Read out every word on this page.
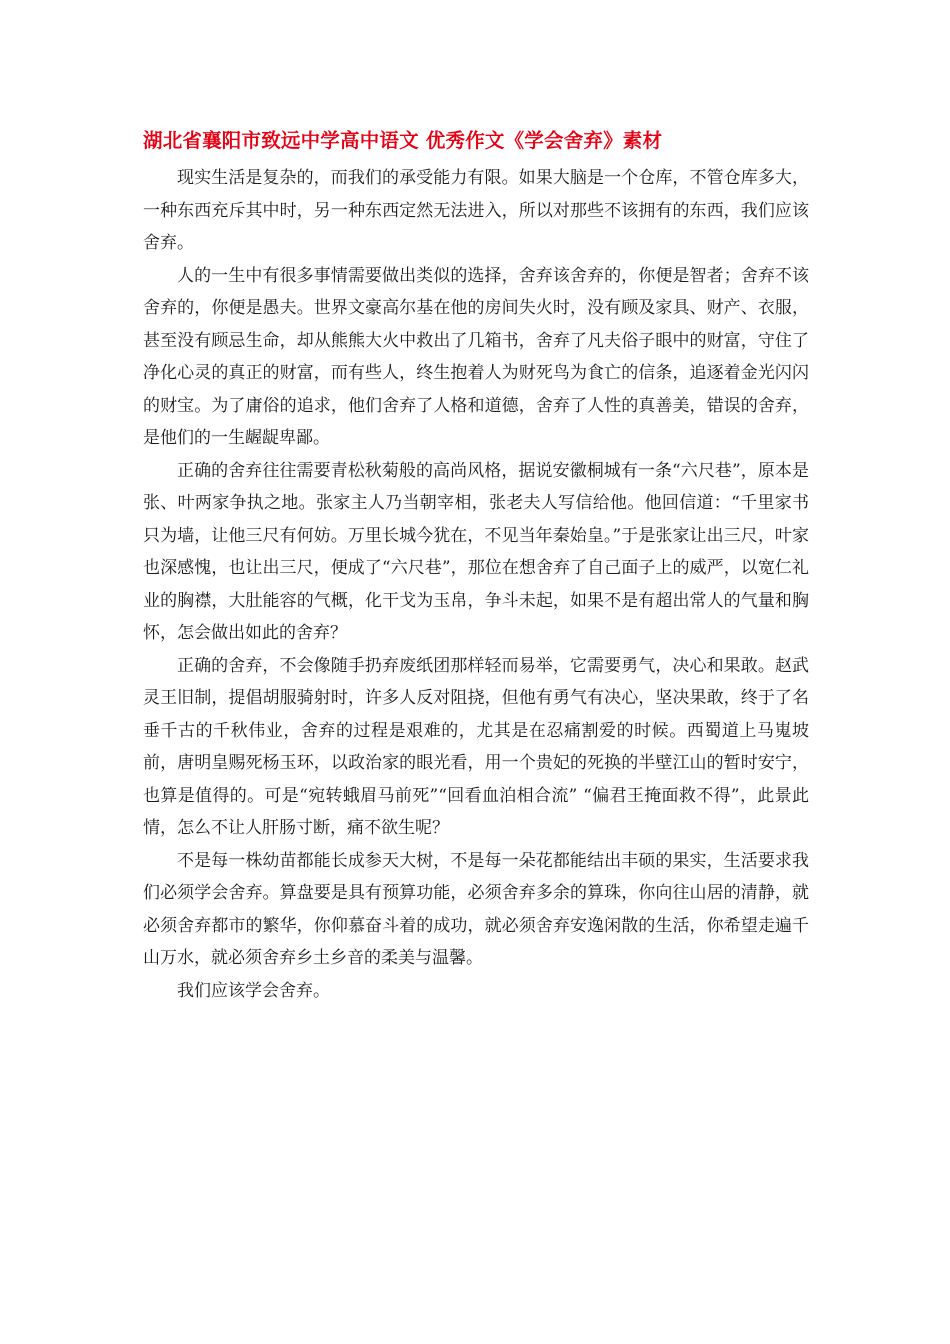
湖北省襄阳市致远中学高中语文 优秀作文《学会舍弃》素材

现实生活是复杂的，而我们的承受能力有限。如果大脑是一个仓库，不管仓库多大，一种东西充斥其中时，另一种东西定然无法进入，所以对那些不该拥有的东西，我们应该舍弃。

人的一生中有很多事情需要做出类似的选择，舍弃该舍弃的，你便是智者；舍弃不该舍弃的，你便是愚夫。世界文豪高尔基在他的房间失火时，没有顾及家具、财产、衣服，甚至没有顾忌生命，却从熊熊大火中救出了几箱书，舍弃了凡夫俗子眼中的财富，守住了净化心灵的真正的财富，而有些人，终生抱着人为财死鸟为食亡的信条，追逐着金光闪闪的财宝。为了庸俗的追求，他们舍弃了人格和道德，舍弃了人性的真善美，错误的舍弃，是他们的一生龌龊卑鄙。

正确的舍弃往往需要青松秋菊般的高尚风格，据说安徽桐城有一条“六尺巷”，原本是张、叶两家争执之地。张家主人乃当朝宰相，张老夫人写信给他。他回信道：“千里家书只为墙，让他三尺有何妨。万里长城今犹在，不见当年秦始皇。”于是张家让出三尺，叶家也深感愧，也让出三尺，便成了“六尺巷”，那位在想舍弃了自己面子上的威严，以宽仁礼业的胸襟，大肚能容的气概，化干戈为玉帛，争斗未起，如果不是有超出常人的气量和胸怀，怎会做出如此的舍弃？

正确的舍弃，不会像随手扔弃废纸团那样轻而易举，它需要勇气，决心和果敢。赵武灵王旧制，提倡胡服骑射时，许多人反对阻挠，但他有勇气有决心，坚决果敢，终于了名垂千古的千秋伟业，舍弃的过程是艰难的，尤其是在忍痛割爱的时候。西蜀道上马嵬坡前，唐明皇赐死杨玉环，以政治家的眼光看，用一个贵妃的死换的半壁江山的暂时安宁，也算是值得的。可是“宛转蛾眉马前死”“回看血泊相合流” “偏君王掩面救不得”，此景此情，怎么不让人肝肠寸断，痛不欲生呢？

不是每一株幼苗都能长成参天大树，不是每一朵花都能结出丰硕的果实，生活要求我们必须学会舍弃。算盘要是具有预算功能，必须舍弃多余的算珠，你向往山居的清静，就必须舍弃都市的繁华，你仰慕奋斗着的成功，就必须舍弃安逸闲散的生活，你希望走遍千山万水，就必须舍弃乡土乡音的柔美与温馨。

我们应该学会舍弃。
